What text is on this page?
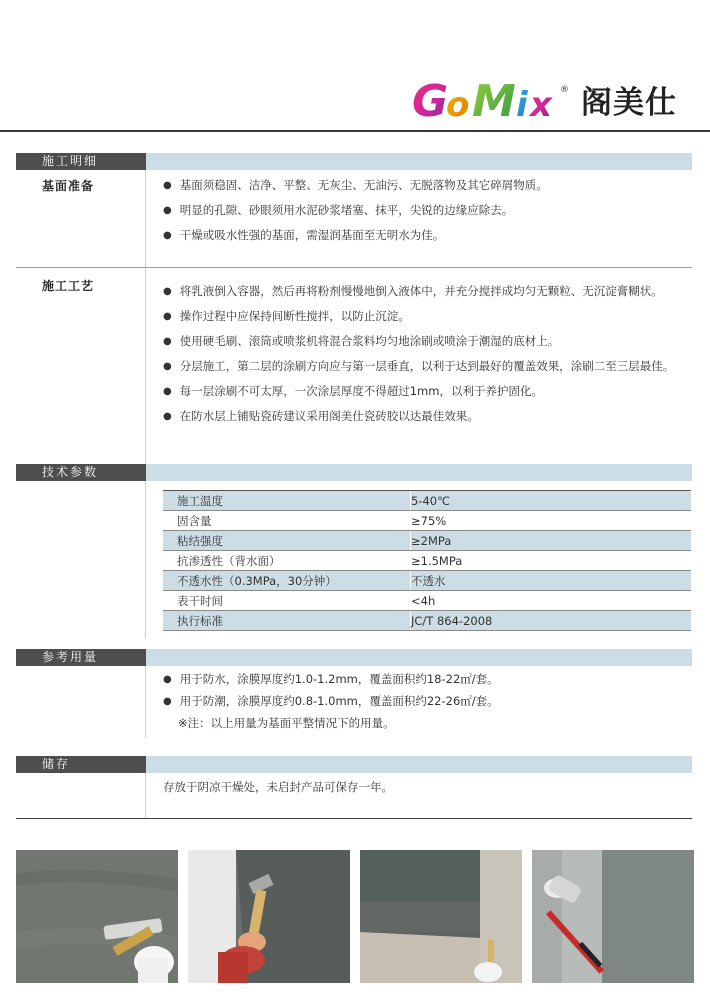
G
o M i x ® 阁美仕
施工明细
基面准备	● 基面须稳固、洁净、平整、无灰尘、无油污、无脱落物及其它碎屑物质。
● 明显的孔隙、砂眼须用水泥砂浆堵塞、抹平，尖锐的边缘应除去。
● 干燥或吸水性强的基面，需湿润基面至无明水为佳。
施工工艺	● 将乳液倒入容器，然后再将粉剂慢慢地倒入液体中，并充分搅拌成均匀无颗粒、无沉淀膏糊状。
● 操作过程中应保持间断性搅拌，以防止沉淀。
● 使用硬毛刷、滚筒或喷浆机将混合浆料均匀地涂刷或喷涂于潮湿的底材上。
● 分层施工，第二层的涂刷方向应与第一层垂直，以利于达到最好的覆盖效果，涂刷二至三层最佳。
● 每一层涂刷不可太厚，一次涂层厚度不得超过1mm，以利于养护固化。
● 在防水层上铺贴瓷砖建议采用阁美仕瓷砖胶以达最佳效果。
技术参数
施工温度	5-40℃
固含量	≥75%
粘结强度	≥2MPa
抗渗透性（背水面）	≥1.5MPa
不透水性（0.3MPa，30分钟）	不透水
表干时间	<4h
执行标准	JC/T 864-2008
参考用量
● 用于防水，涂膜厚度约1.0-1.2mm，覆盖面积约18-22㎡/套。
● 用于防潮，涂膜厚度约0.8-1.0mm，覆盖面积约22-26㎡/套。
※注：以上用量为基面平整情况下的用量。
储存
存放于阴凉干燥处，未启封产品可保存一年。
